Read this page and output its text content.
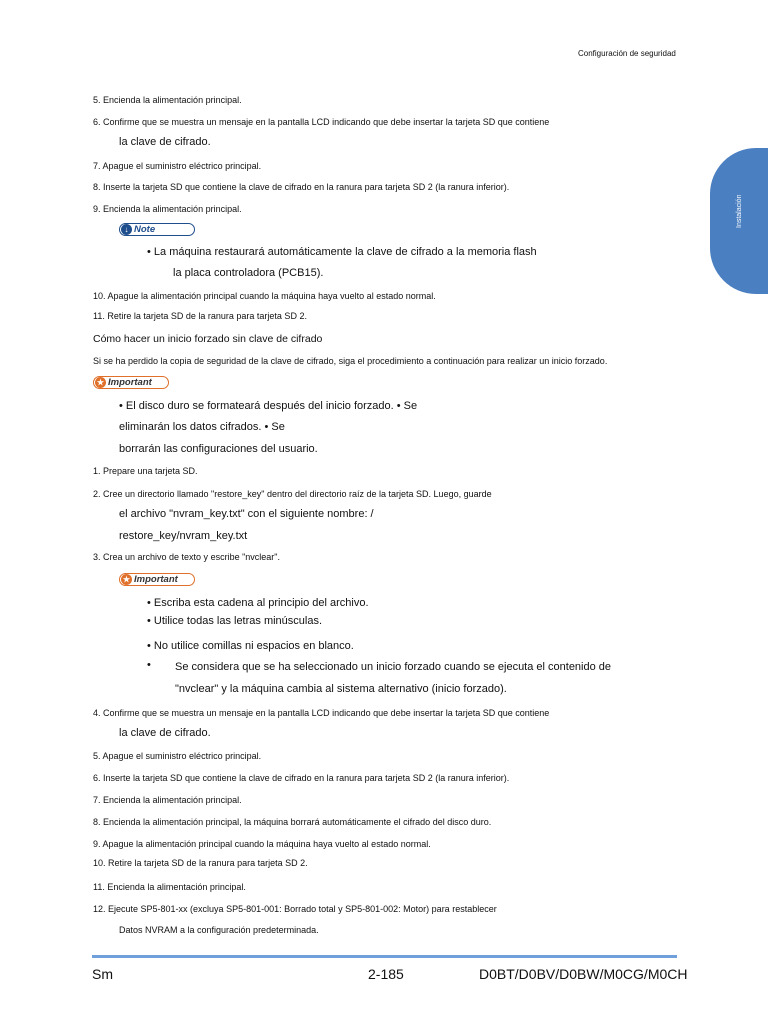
Configuración de seguridad
Instalación
5. Encienda la alimentación principal.
6. Confirme que se muestra un mensaje en la pantalla LCD indicando que debe insertar la tarjeta SD que contiene
la clave de cifrado.
7. Apague el suministro eléctrico principal.
8. Inserte la tarjeta SD que contiene la clave de cifrado en la ranura para tarjeta SD 2 (la ranura inferior).
9. Encienda la alimentación principal.
↓ Note
• La máquina restaurará automáticamente la clave de cifrado a la memoria flash
la placa controladora (PCB15).
10. Apague la alimentación principal cuando la máquina haya vuelto al estado normal.
11. Retire la tarjeta SD de la ranura para tarjeta SD 2.
Cómo hacer un inicio forzado sin clave de cifrado
Si se ha perdido la copia de seguridad de la clave de cifrado, siga el procedimiento a continuación para realizar un inicio forzado.
★ Important
• El disco duro se formateará después del inicio forzado. • Se
eliminarán los datos cifrados. • Se
borrarán las configuraciones del usuario.
1. Prepare una tarjeta SD.
2. Cree un directorio llamado "restore_key" dentro del directorio raíz de la tarjeta SD. Luego, guarde
el archivo "nvram_key.txt" con el siguiente nombre: /
restore_key/nvram_key.txt
3. Crea un archivo de texto y escribe "nvclear".
★ Important
• Escriba esta cadena al principio del archivo.
• Utilice todas las letras minúsculas.
• No utilice comillas ni espacios en blanco.
• Se considera que se ha seleccionado un inicio forzado cuando se ejecuta el contenido de
"nvclear" y la máquina cambia al sistema alternativo (inicio forzado).
4. Confirme que se muestra un mensaje en la pantalla LCD indicando que debe insertar la tarjeta SD que contiene
la clave de cifrado.
5. Apague el suministro eléctrico principal.
6. Inserte la tarjeta SD que contiene la clave de cifrado en la ranura para tarjeta SD 2 (la ranura inferior).
7. Encienda la alimentación principal.
8. Encienda la alimentación principal, la máquina borrará automáticamente el cifrado del disco duro.
9. Apague la alimentación principal cuando la máquina haya vuelto al estado normal.
10. Retire la tarjeta SD de la ranura para tarjeta SD 2.
11. Encienda la alimentación principal.
12. Ejecute SP5-801-xx (excluya SP5-801-001: Borrado total y SP5-801-002: Motor) para restablecer
Datos NVRAM a la configuración predeterminada.
Sm	2-185	D0BT/D0BV/D0BW/M0CG/M0CH
